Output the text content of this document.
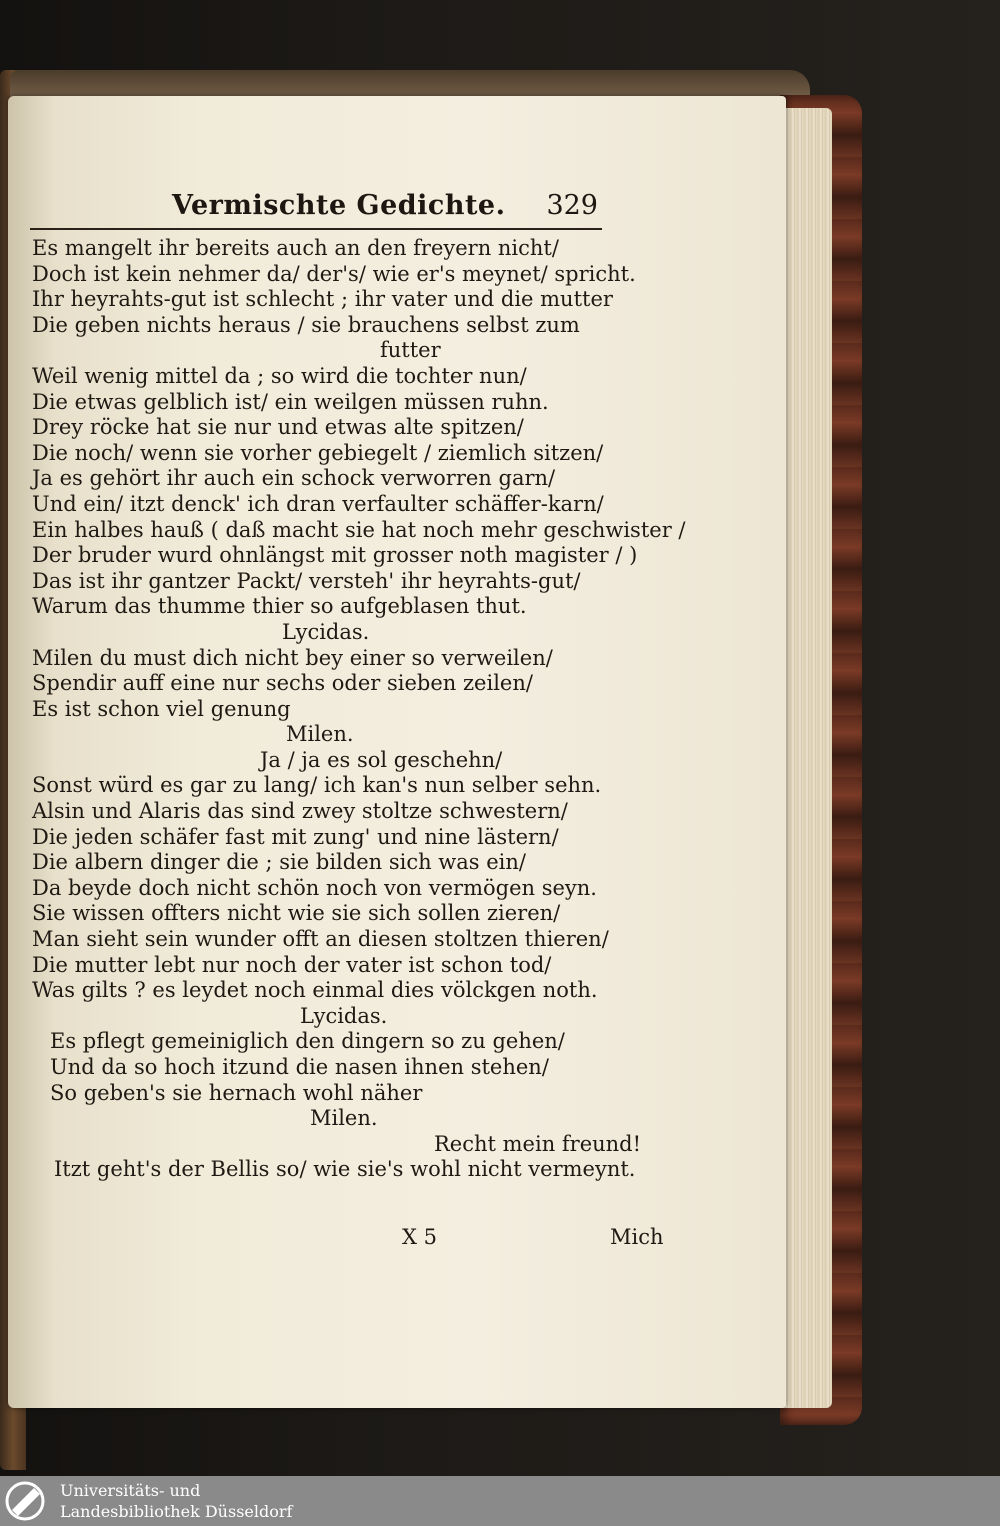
Vermischte Gedichte. 329
Es mangelt ihr bereits auch an den freyern nicht/
Doch ist kein nehmer da/ der's/ wie er's meynet/ spricht.
Ihr heyrahts-gut ist schlecht ; ihr vater und die mutter
Die geben nichts heraus / sie brauchens selbst zum
futter
Weil wenig mittel da ; so wird die tochter nun/
Die etwas gelblich ist/ ein weilgen müssen ruhn.
Drey röcke hat sie nur und etwas alte spitzen/
Die noch/ wenn sie vorher gebiegelt / ziemlich sitzen/
Ja es gehört ihr auch ein schock verworren garn/
Und ein/ itzt denck' ich dran verfaulter schäffer-karn/
Ein halbes hauß ( daß macht sie hat noch mehr geschwister /
Der bruder wurd ohnlängst mit grosser noth magister / )
Das ist ihr gantzer Packt/ versteh' ihr heyrahts-gut/
Warum das thumme thier so aufgeblasen thut.
Lycidas.
Milen du must dich nicht bey einer so verweilen/
Spendir auff eine nur sechs oder sieben zeilen/
Es ist schon viel genung
Milen.
Ja / ja es sol geschehn/
Sonst würd es gar zu lang/ ich kan's nun selber sehn.
Alsin und Alaris das sind zwey stoltze schwestern/
Die jeden schäfer fast mit zung' und nine lästern/
Die albern dinger die ; sie bilden sich was ein/
Da beyde doch nicht schön noch von vermögen seyn.
Sie wissen offters nicht wie sie sich sollen zieren/
Man sieht sein wunder offt an diesen stoltzen thieren/
Die mutter lebt nur noch der vater ist schon tod/
Was gilts ? es leydet noch einmal dies völckgen noth.
Lycidas.
Es pflegt gemeiniglich den dingern so zu gehen/
Und da so hoch itzund die nasen ihnen stehen/
So geben's sie hernach wohl näher
Milen.
Recht mein freund!
Itzt geht's der Bellis so/ wie sie's wohl nicht vermeynt.
X 5	Mich
Universitäts- und
Landesbibliothek Düsseldorf
